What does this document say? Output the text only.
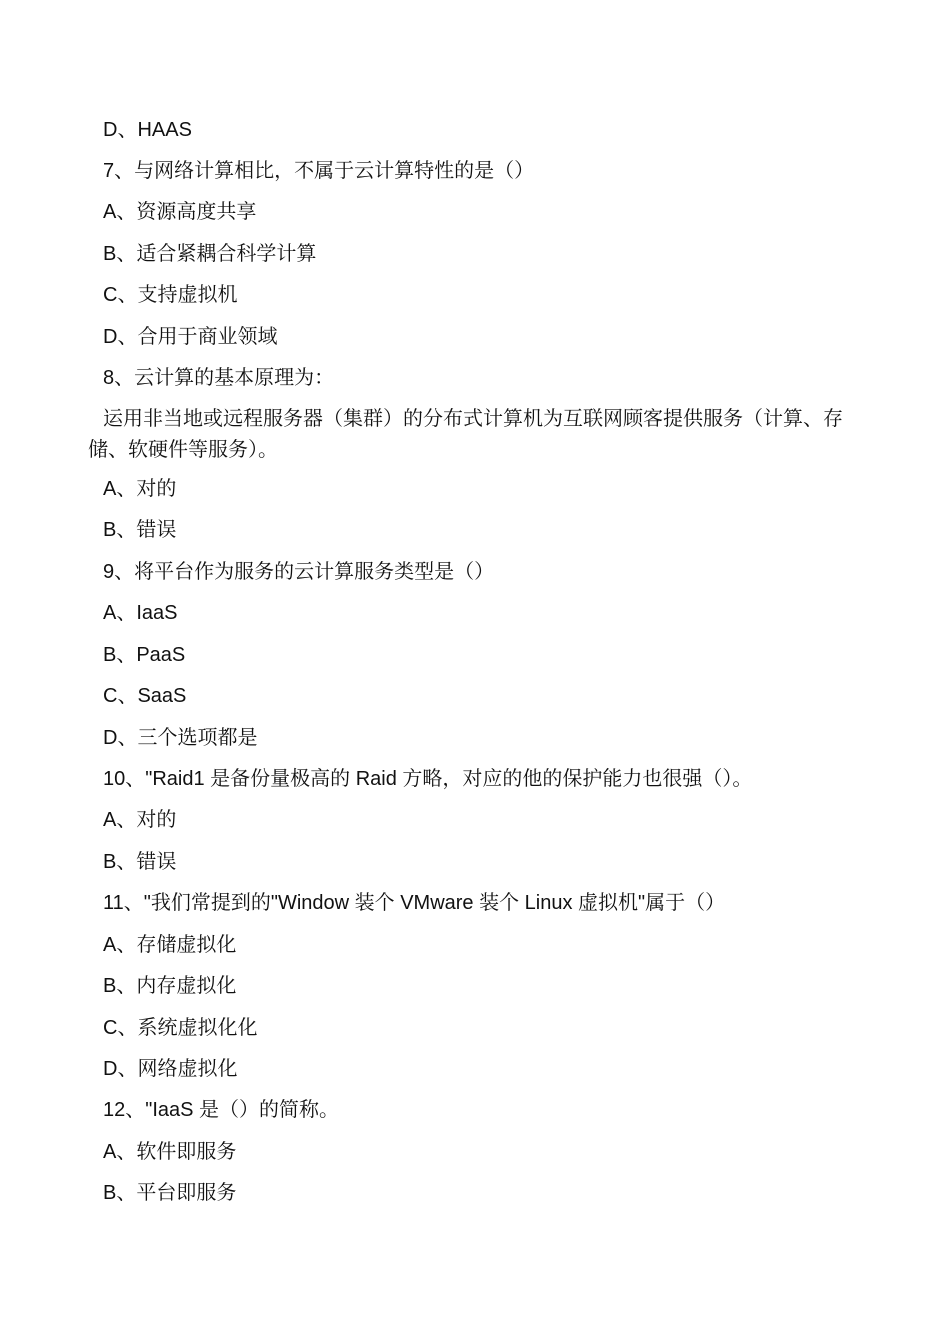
D、HAAS
7、与网络计算相比，不属于云计算特性的是（）
A、资源高度共享
B、适合紧耦合科学计算
C、支持虚拟机
D、合用于商业领域
8、云计算的基本原理为：
运用非当地或远程服务器（集群）的分布式计算机为互联网顾客提供服务（计算、存储、软硬件等服务）。
A、对的
B、错误
9、将平台作为服务的云计算服务类型是（）
A、IaaS
B、PaaS
C、SaaS
D、三个选项都是
10、"Raid1 是备份量极高的 Raid 方略，对应的他的保护能力也很强（）。
A、对的
B、错误
11、"我们常提到的"Window 装个 VMware 装个 Linux 虚拟机"属于（）
A、存储虚拟化
B、内存虚拟化
C、系统虚拟化化
D、网络虚拟化
12、"IaaS 是（）的简称。
A、软件即服务
B、平台即服务
